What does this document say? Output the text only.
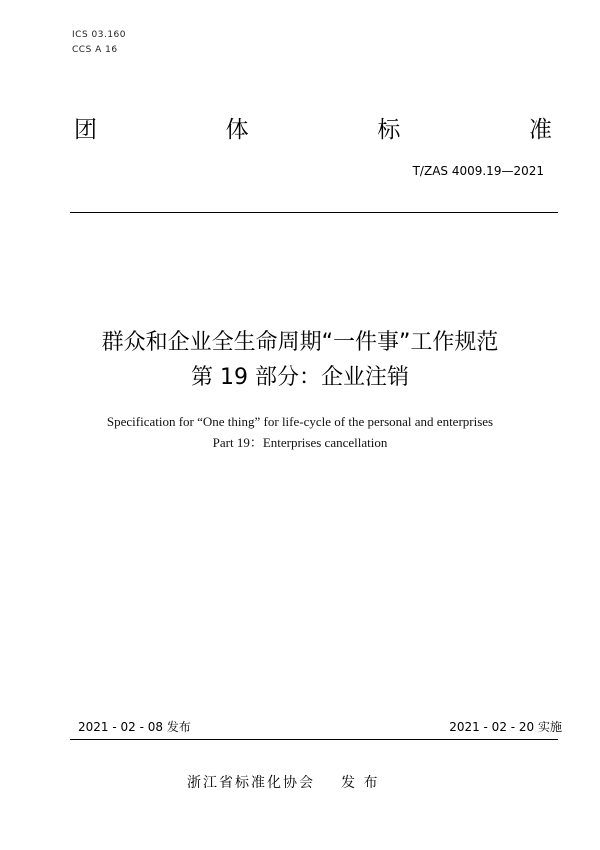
ICS 03.160
CCS A 16
团	体	标	准
T/ZAS 4009.19—2021
群众和企业全生命周期“一件事”工作规范
第 19 部分：企业注销
Specification for “One thing” for life-cycle of the personal and enterprises
Part 19：Enterprises cancellation
2021 - 02 - 08 发布	2021 - 02 - 20 实施
浙江省标准化协会 发 布
